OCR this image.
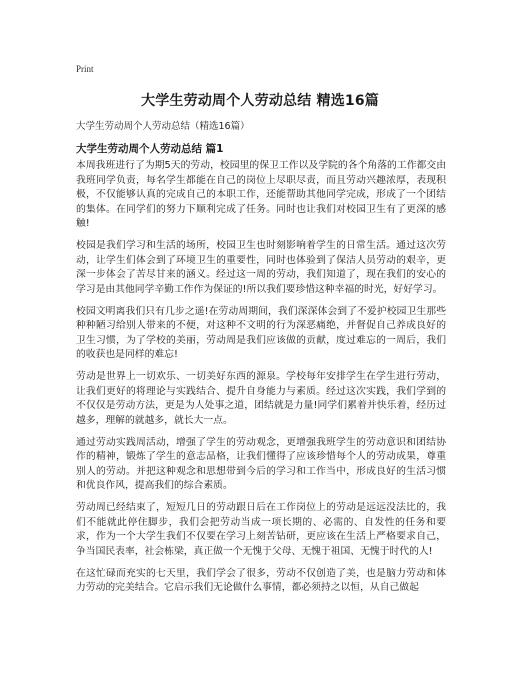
Print
大学生劳动周个人劳动总结 精选16篇
大学生劳动周个人劳动总结（精选16篇）
大学生劳动周个人劳动总结 篇1

本周我班进行了为期5天的劳动，校园里的保卫工作以及学院的各个角落的工作都交由我班同学负责，每名学生都能在自己的岗位上尽职尽责，而且劳动兴趣浓厚，表现积极，不仅能够认真的完成自己的本职工作，还能帮助其他同学完成，形成了一个团结的集体。在同学们的努力下顺利完成了任务。同时也让我们对校园卫生有了更深的感触!

校园是我们学习和生活的场所，校园卫生也时刻影响着学生的日常生活。通过这次劳动，让学生们体会到了环境卫生的重要性，同时也体验到了保洁人员劳动的艰辛，更深一步体会了苦尽甘来的涵义。经过这一周的劳动，我们知道了，现在我们的安心的学习是由其他同学辛勤工作作为保证的!所以我们要珍惜这种幸福的时光，好好学习。

校园文明离我们只有几步之遥!在劳动周期间，我们深深体会到了不爱护校园卫生那些种种陋习给别人带来的不便，对这种不文明的行为深恶痛绝，并督促自己养成良好的卫生习惯，为了学校的美丽，劳动周是我们应该做的贡献，度过难忘的一周后，我们的收获也是同样的难忘!

劳动是世界上一切欢乐、一切美好东西的源泉。学校每年安排学生在学生进行劳动，让我们更好的将理论与实践结合、提升自身能力与素质。经过这次实践，我们学到的不仅仅是劳动方法，更是为人处事之道，团结就是力量!同学们累着并快乐着，经历过越多，理解的就越多，就长大一点。

通过劳动实践周活动，增强了学生的劳动观念，更增强我班学生的劳动意识和团结协作的精神，锻炼了学生的意志品格，让我们懂得了应该珍惜每个人的劳动成果，尊重别人的劳动。并把这种观念和思想带到今后的学习和工作当中，形成良好的生活习惯和优良作风，提高我们的综合素质。

劳动周已经结束了，短短几日的劳动跟日后在工作岗位上的劳动是远远没法比的，我们不能就此停住脚步，我们会把劳动当成一项长期的、必需的、自发性的任务和要求，作为一个大学生我们不仅要在学习上刻苦钻研，更应该在生活上严格要求自己，争当国民表率，社会栋梁，真正做一个无愧于父母、无愧于祖国、无愧于时代的人!

在这忙碌而充实的七天里，我们学会了很多，劳动不仅创造了美，也是脑力劳动和体力劳动的完美结合。它启示我们无论做什么事情，都必须持之以恒，从自己做起
